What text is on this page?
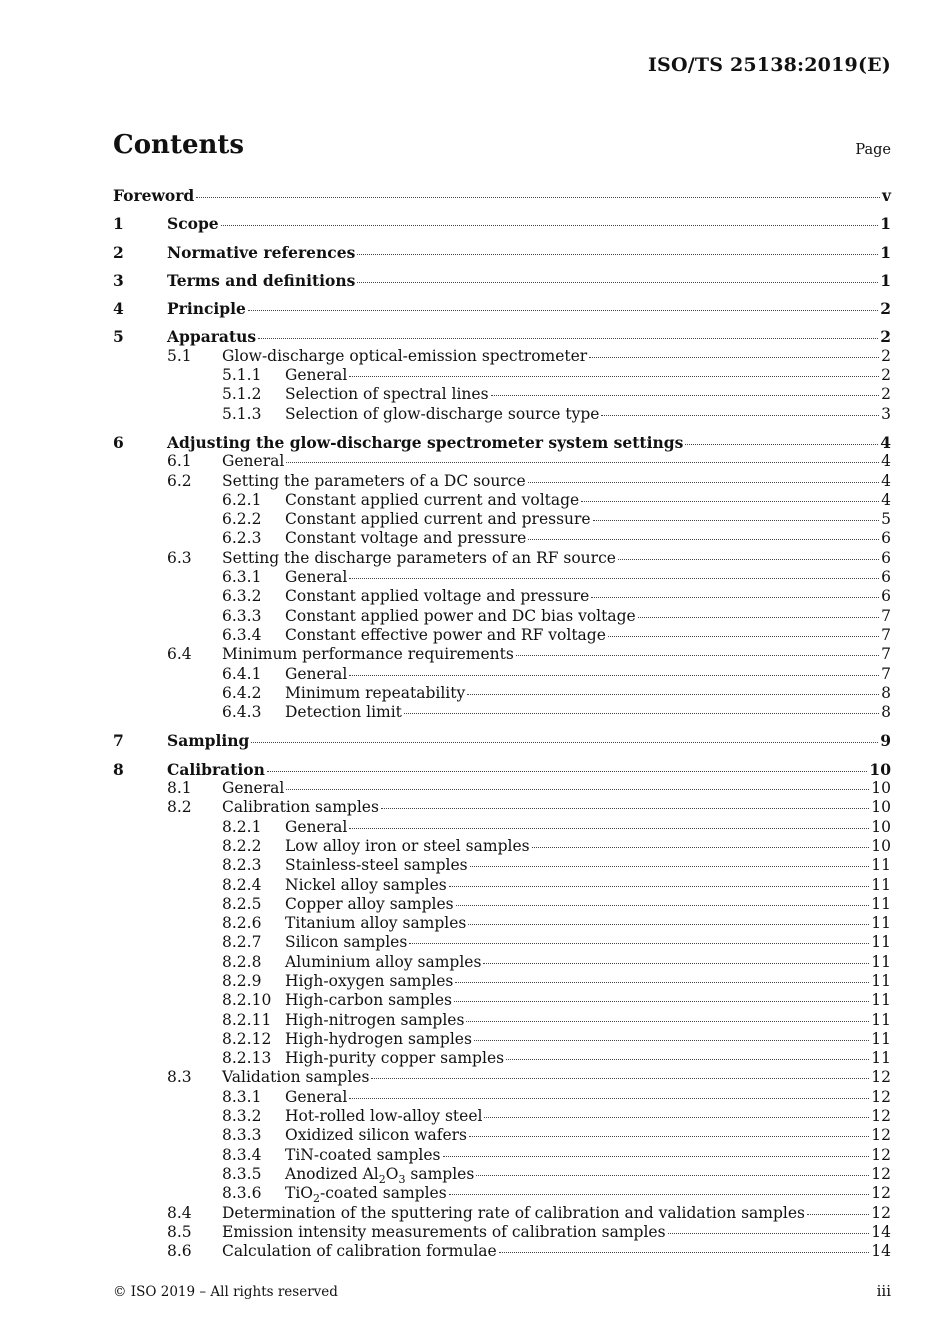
ISO/TS 25138:2019(E)
Contents	Page
Foreword	v
1	Scope	1
2	Normative references	1
3	Terms and definitions	1
4	Principle	2
5	Apparatus	2
5.1	Glow-discharge optical-emission spectrometer	2
5.1.1	General	2
5.1.2	Selection of spectral lines	2
5.1.3	Selection of glow-discharge source type	3
6	Adjusting the glow-discharge spectrometer system settings	4
6.1	General	4
6.2	Setting the parameters of a DC source	4
6.2.1	Constant applied current and voltage	4
6.2.2	Constant applied current and pressure	5
6.2.3	Constant voltage and pressure	6
6.3	Setting the discharge parameters of an RF source	6
6.3.1	General	6
6.3.2	Constant applied voltage and pressure	6
6.3.3	Constant applied power and DC bias voltage	7
6.3.4	Constant effective power and RF voltage	7
6.4	Minimum performance requirements	7
6.4.1	General	7
6.4.2	Minimum repeatability	8
6.4.3	Detection limit	8
7	Sampling	9
8	Calibration	10
8.1	General	10
8.2	Calibration samples	10
8.2.1	General	10
8.2.2	Low alloy iron or steel samples	10
8.2.3	Stainless-steel samples	11
8.2.4	Nickel alloy samples	11
8.2.5	Copper alloy samples	11
8.2.6	Titanium alloy samples	11
8.2.7	Silicon samples	11
8.2.8	Aluminium alloy samples	11
8.2.9	High-oxygen samples	11
8.2.10 High-carbon samples	11
8.2.11 High-nitrogen samples	11
8.2.12 High-hydrogen samples	11
8.2.13 High-purity copper samples	11
8.3	Validation samples	12
8.3.1	General	12
8.3.2	Hot-rolled low-alloy steel	12
8.3.3	Oxidized silicon wafers	12
8.3.4	TiN-coated samples	12
8.3.5	Anodized $Al_2O_3$ samples	12
8.3.6	TiO$_2$-coated samples	12
8.4	Determination of the sputtering rate of calibration and validation samples	12
8.5	Emission intensity measurements of calibration samples	14
8.6	Calculation of calibration formulae	14
© ISO 2019 – All rights reserved	iii
